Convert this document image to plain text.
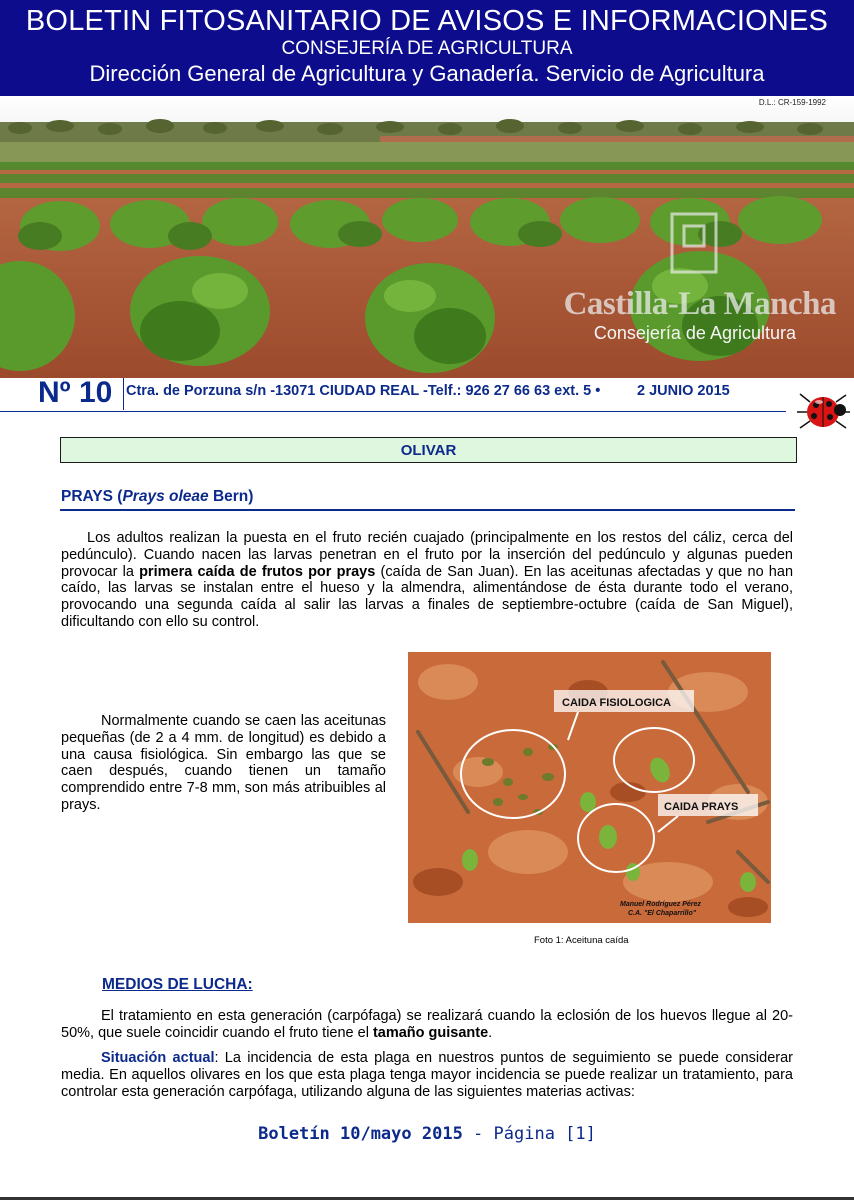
BOLETIN FITOSANITARIO DE AVISOS E INFORMACIONES
CONSEJERÍA DE AGRICULTURA
Dirección General de Agricultura y Ganadería. Servicio de Agricultura
D.L.: CR-159-1992
Castilla-La Mancha
Consejería de Agricultura
Nº 10 Ctra. de Porzuna s/n -13071 CIUDAD REAL -Telf.: 926 27 66 63 ext. 5 •	2 JUNIO 2015
OLIVAR
PRAYS (Prays oleae Bern)
Los adultos realizan la puesta en el fruto recién cuajado (principalmente en los restos del cáliz, cerca del pedúnculo). Cuando nacen las larvas penetran en el fruto por la inserción del pedúnculo y algunas pueden provocar la primera caída de frutos por prays (caída de San Juan). En las aceitunas afectadas y que no han caído, las larvas se instalan entre el hueso y la almendra, alimentándose de ésta durante todo el verano, provocando una segunda caída al salir las larvas a finales de septiembre-octubre (caída de San Miguel), dificultando con ello su control.
Normalmente cuando se caen las aceitunas pequeñas (de 2 a 4 mm. de longitud) es debido a una causa fisiológica. Sin embargo las que se caen después, cuando tienen un tamaño comprendido entre 7-8 mm, son más atribuibles al prays.
CAIDA FISIOLOGICA
CAIDA PRAYS
Manuel Rodríguez Pérez
C.A. "El Chaparrillo"
Foto 1: Aceituna caída
MEDIOS DE LUCHA:
El tratamiento en esta generación (carpófaga) se realizará cuando la eclosión de los huevos llegue al 20-50%, que suele coincidir cuando el fruto tiene el tamaño guisante.
Situación actual: La incidencia de esta plaga en nuestros puntos de seguimiento se puede considerar media. En aquellos olivares en los que esta plaga tenga mayor incidencia se puede realizar un tratamiento, para controlar esta generación carpófaga, utilizando alguna de las siguientes materias activas:
Boletín 10/mayo 2015 - Página [1]
